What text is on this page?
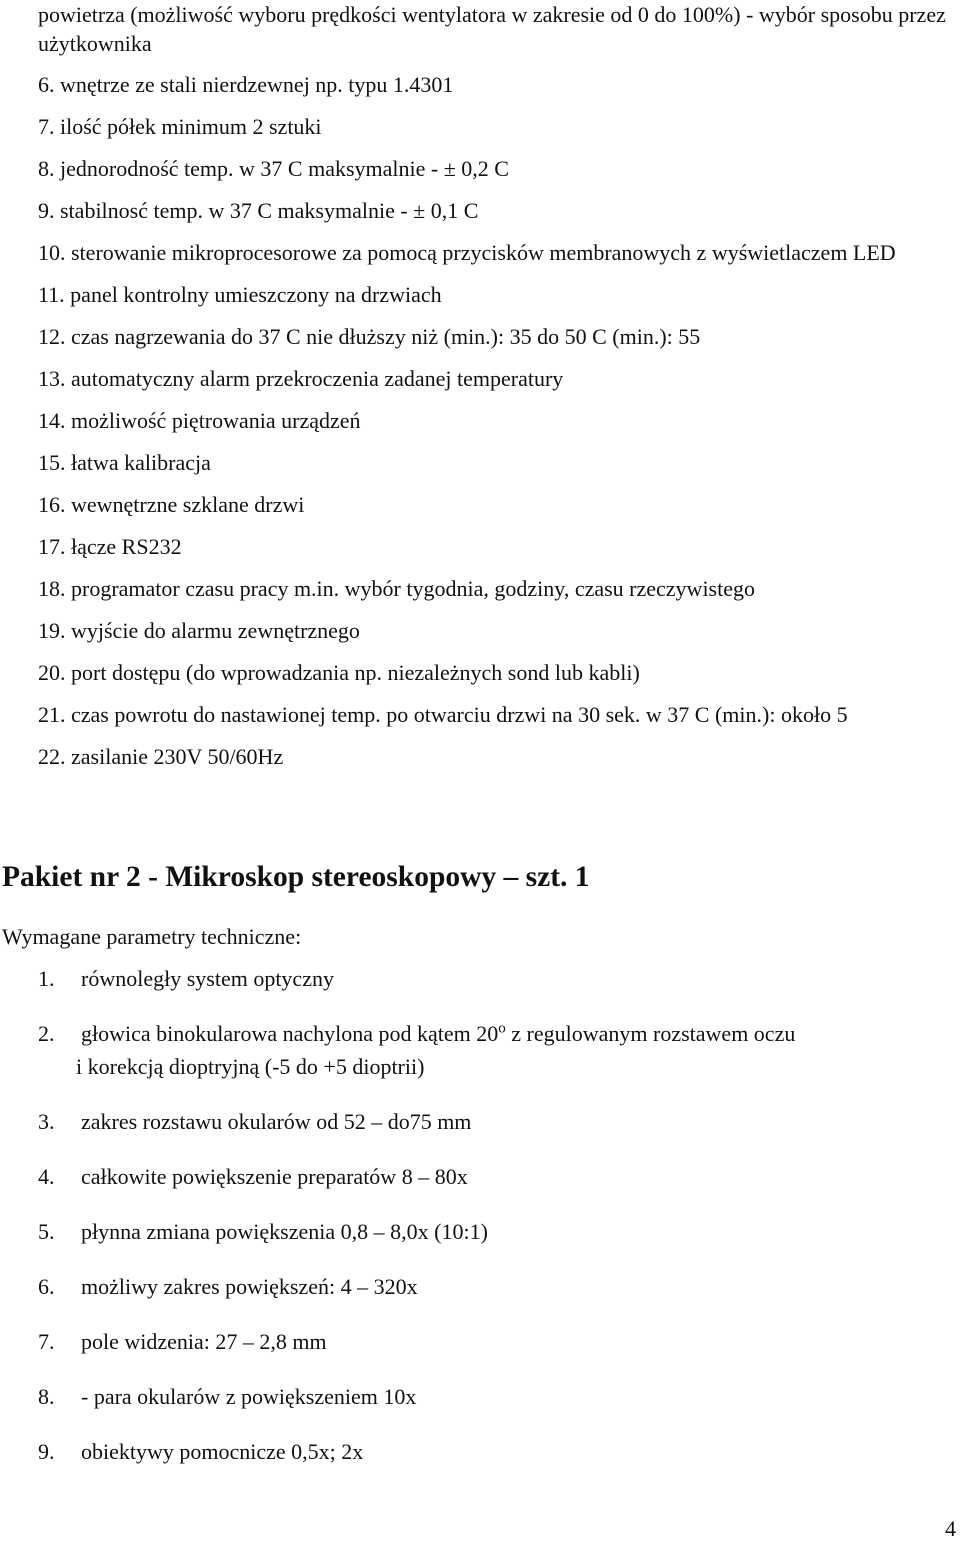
powietrza (możliwość wyboru prędkości wentylatora w zakresie od 0 do 100%) - wybór sposobu przez użytkownika
6. wnętrze ze stali nierdzewnej np. typu 1.4301
7. ilość półek minimum 2 sztuki
8. jednorodność temp. w 37 C maksymalnie - ± 0,2 C
9. stabilnosć temp. w 37 C maksymalnie - ± 0,1 C
10. sterowanie mikroprocesorowe za pomocą przycisków membranowych z wyświetlaczem LED
11. panel kontrolny umieszczony na drzwiach
12. czas nagrzewania do 37 C nie dłuższy niż (min.): 35 do 50 C (min.): 55
13. automatyczny alarm przekroczenia zadanej temperatury
14. możliwość piętrowania urządzeń
15. łatwa kalibracja
16. wewnętrzne szklane drzwi
17. łącze RS232
18. programator czasu pracy m.in. wybór tygodnia, godziny, czasu rzeczywistego
19. wyjście do alarmu zewnętrznego
20. port dostępu (do wprowadzania np. niezależnych sond lub kabli)
21. czas powrotu do nastawionej temp. po otwarciu drzwi na 30 sek. w 37 C (min.): około 5
22. zasilanie 230V 50/60Hz
Pakiet nr 2 - Mikroskop stereoskopowy – szt. 1
Wymagane parametry techniczne:
1. równoległy system optyczny
2. głowica binokularowa nachylona pod kątem 20$^o$ z regulowanym rozstawem oczu
i korekcją dioptryjną (-5 do +5 dioptrii)
3. zakres rozstawu okularów od 52 – do75 mm
4. całkowite powiększenie preparatów 8 – 80x
5. płynna zmiana powiększenia 0,8 – 8,0x (10:1)
6. możliwy zakres powiększeń: 4 – 320x
7. pole widzenia: 27 – 2,8 mm
8. - para okularów z powiększeniem 10x
9. obiektywy pomocnicze 0,5x; 2x
4
